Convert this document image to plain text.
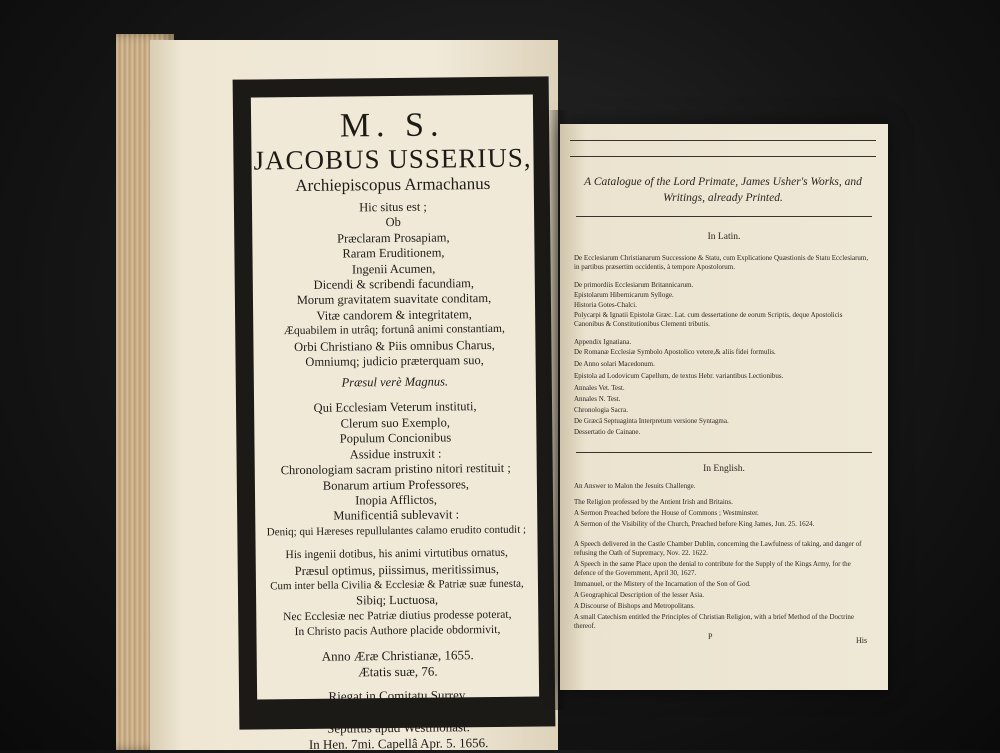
M. S.
JACOBUS USSERIUS,
Archiepiscopus Armachanus
Hic situs est ;
Ob
Præclaram Prosapiam,
Raram Eruditionem,
Ingenii Acumen,
Dicendi & scribendi facundiam,
Morum gravitatem suavitate conditam,
Vitæ candorem & integritatem,
Æquabilem in utrâq; fortunâ animi constantiam,
Orbi Christiano & Piis omnibus Charus,
Omniumq; judicio præterquam suo,
Præsul verè Magnus.
Qui Ecclesiam Veterum instituti,
Clerum suo Exemplo,
Populum Concionibus
Assidue instruxit :
Chronologiam sacram pristino nitori restituit ;
Bonarum artium Professores,
Inopia Afflictos,
Munificentiâ sublevavit :
Deniq; qui Hæreses repullulantes calamo erudito contudit ;
His ingenii dotibus, his animi virtutibus ornatus,
Præsul optimus, piissimus, meritissimus,
Cum inter bella Civilia & Ecclesiæ & Patriæ suæ funesta,
Sibiq; Luctuosa,
Nec Ecclesiæ nec Patriæ diutius prodesse poterat,
In Christo pacis Authore placide obdormivit,
Anno Æræ Christianæ, 1655.
Ætatis suæ, 76.
Riegat in Comitatu Surrey,
Martii, 21. Obiit,
Sepultus apud Westmonast.
In Hen. 7mi. Capellâ Apr. 5. 1656.
A Catalogue of the Lord Primate, James Usher's Works, and Writings, already Printed.
In Latin.
De Ecclesiarum Christianarum Successione & Statu, cum Explicatione Quæstionis de Statu Ecclesiarum, in partibus præsertim occidentis, à tempore Apostolorum.
De primordiis Ecclesiarum Britannicarum.
Epistolarum Hibernicarum Sylloge.
Historia Gotes-Chalci.
Polycarpi & Ignatii Epistolæ Græc. Lat. cum dessertatione de eorum Scriptis, deque Apostolicis Canonibus & Constitutionibus Clementi tributis.
Appendix Ignatiana.
De Romanæ Ecclesiæ Symbolo Apostolico vetere,& aliis fidei formulis.
De Anno solari Macedonum.
Epistola ad Lodovicum Capellum, de textus Hebr. variantibus Lectionibus.
Annales Vet. Test.
Annales N. Test.
Chronologia Sacra.
De Græcâ Septuaginta Interpretum versione Syntagma.
Dessertatio de Cainane.
In English.
An Answer to Malon the Jesuits Challenge.
The Religion professed by the Antient Irish and Britains.
A Sermon Preached before the House of Commons ; Westminster.
A Sermon of the Visibility of the Church, Preached before King James, Jun. 25. 1624.
A Speech delivered in the Castle Chamber Dublin, concerning the Lawfulness of taking, and danger of refusing the Oath of Supremacy, Nov. 22. 1622.
A Speech in the same Place upon the denial to contribute for the Supply of the Kings Army, for the defence of the Government, April 30, 1627.
Immanuel, or the Mistery of the Incarnation of the Son of God.
A Geographical Description of the lesser Asia.
A Discourse of Bishops and Metropolitans.
A small Catechism entitled the Principles of Christian Religion, with a brief Method of the Doctrine thereof.
P	His
